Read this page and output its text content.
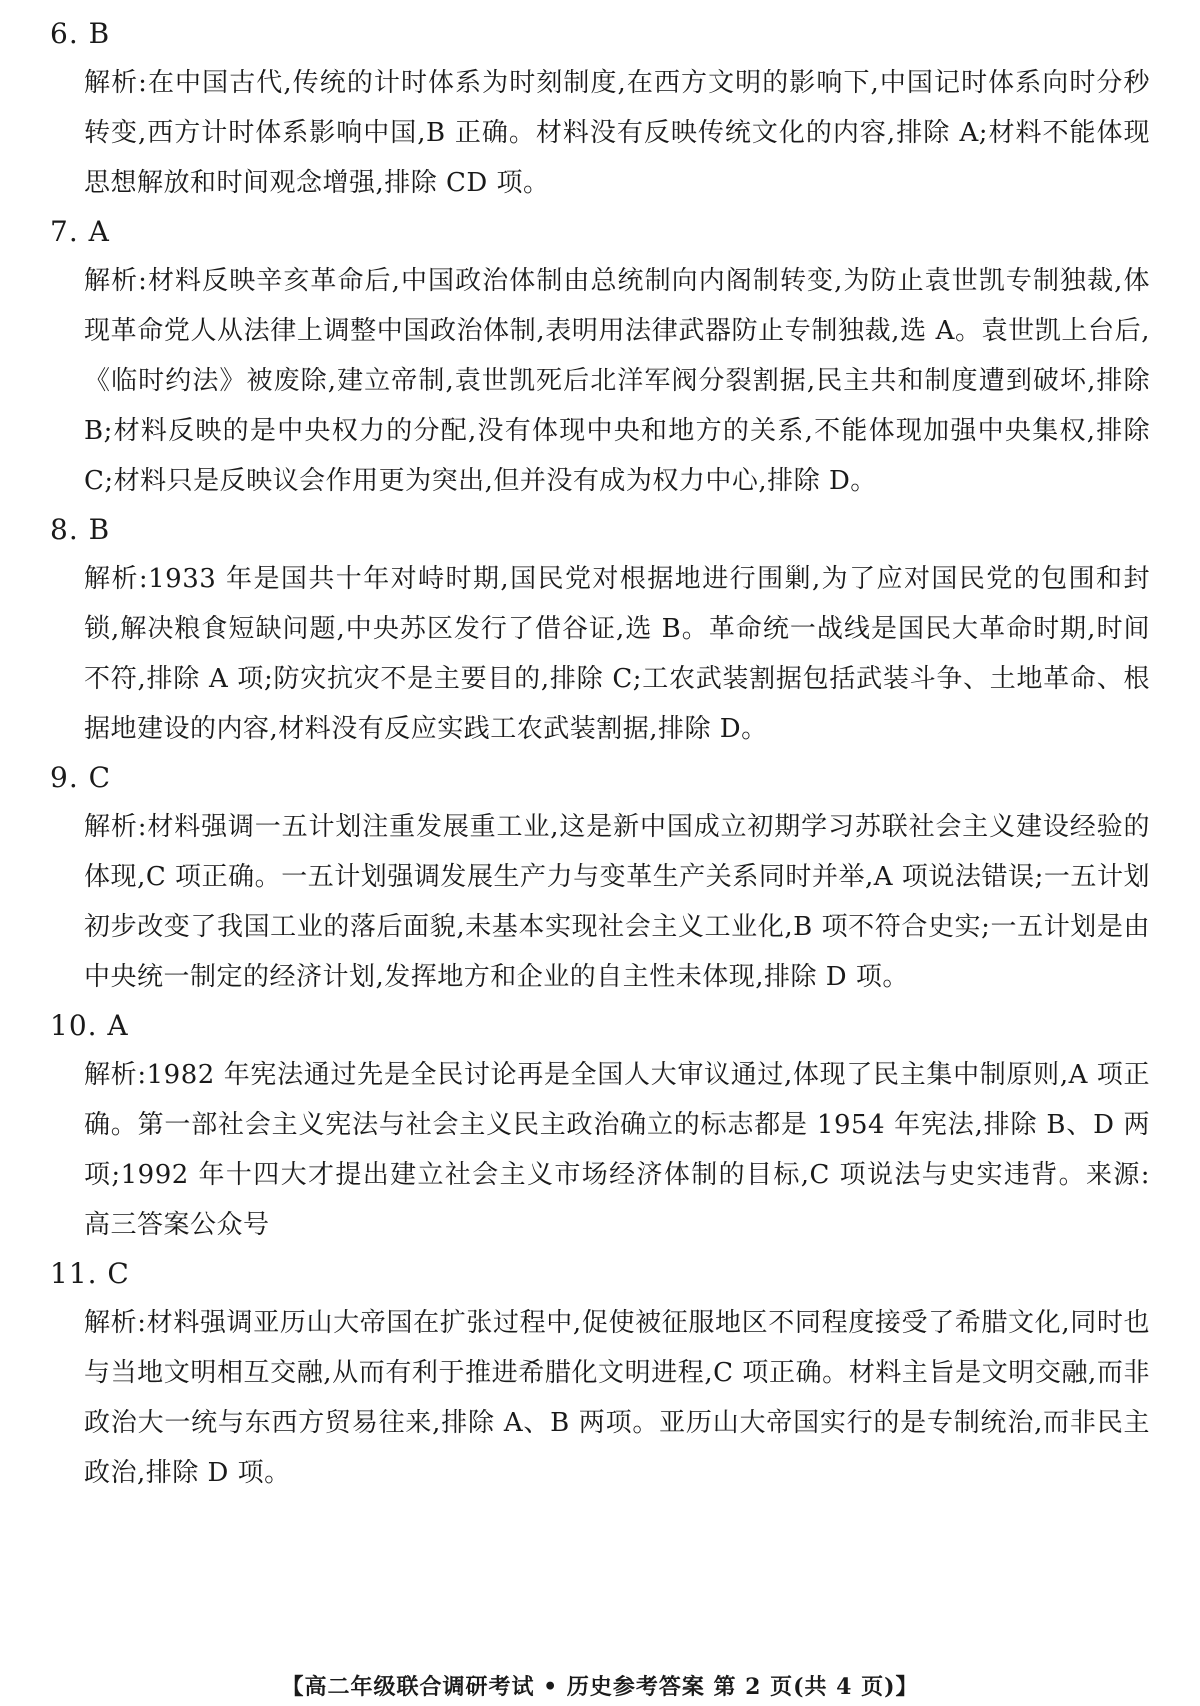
6. B

解析:在中国古代,传统的计时体系为时刻制度,在西方文明的影响下,中国记时体系向时分秒转变,西方计时体系影响中国,B 正确。材料没有反映传统文化的内容,排除 A;材料不能体现思想解放和时间观念增强,排除 CD 项。

7. A

解析:材料反映辛亥革命后,中国政治体制由总统制向内阁制转变,为防止袁世凯专制独裁,体现革命党人从法律上调整中国政治体制,表明用法律武器防止专制独裁,选 A。袁世凯上台后,《临时约法》被废除,建立帝制,袁世凯死后北洋军阀分裂割据,民主共和制度遭到破坏,排除 B;材料反映的是中央权力的分配,没有体现中央和地方的关系,不能体现加强中央集权,排除 C;材料只是反映议会作用更为突出,但并没有成为权力中心,排除 D。

8. B

解析:1933 年是国共十年对峙时期,国民党对根据地进行围剿,为了应对国民党的包围和封锁,解决粮食短缺问题,中央苏区发行了借谷证,选 B。革命统一战线是国民大革命时期,时间不符,排除 A 项;防灾抗灾不是主要目的,排除 C;工农武装割据包括武装斗争、土地革命、根据地建设的内容,材料没有反应实践工农武装割据,排除 D。

9. C

解析:材料强调一五计划注重发展重工业,这是新中国成立初期学习苏联社会主义建设经验的体现,C 项正确。一五计划强调发展生产力与变革生产关系同时并举,A 项说法错误;一五计划初步改变了我国工业的落后面貌,未基本实现社会主义工业化,B 项不符合史实;一五计划是由中央统一制定的经济计划,发挥地方和企业的自主性未体现,排除 D 项。

10. A

解析:1982 年宪法通过先是全民讨论再是全国人大审议通过,体现了民主集中制原则,A 项正确。第一部社会主义宪法与社会主义民主政治确立的标志都是 1954 年宪法,排除 B、D 两项;1992 年十四大才提出建立社会主义市场经济体制的目标,C 项说法与史实违背。来源: 高三答案公众号

11. C

解析:材料强调亚历山大帝国在扩张过程中,促使被征服地区不同程度接受了希腊文化,同时也与当地文明相互交融,从而有利于推进希腊化文明进程,C 项正确。材料主旨是文明交融,而非政治大一统与东西方贸易往来,排除 A、B 两项。亚历山大帝国实行的是专制统治,而非民主政治,排除 D 项。

【高二年级联合调研考试 • 历史参考答案 第 2 页(共 4 页)】
